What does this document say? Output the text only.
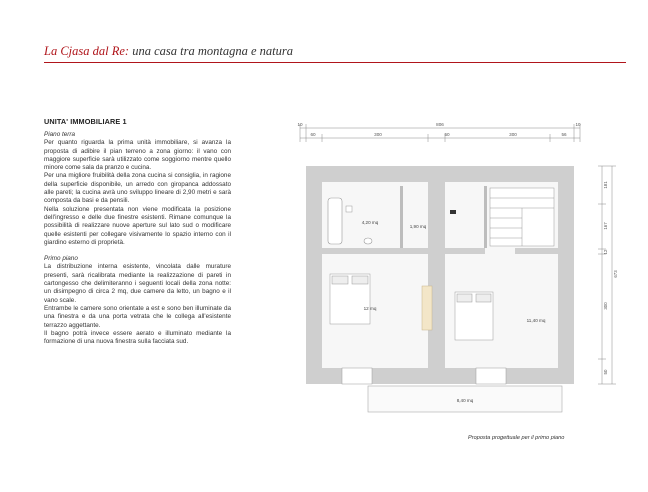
La Cjasa dal Re: una casa tra montagna e natura
UNITA' IMMOBILIARE 1
Piano terra

Per quanto riguarda la prima unità immobiliare, si avanza la proposta di adibire il pian terreno a zona giorno: il vano con maggiore superficie sarà utilizzato come soggiorno mentre quello minore come sala da pranzo e cucina.

Per una migliore fruibilità della zona cucina si consiglia, in ragione della superficie disponibile, un arredo con giropanca addossato alle pareti; la cucina avrà uno sviluppo lineare di 2,90 metri e sarà composta da basi e da pensili.

Nella soluzione presentata non viene modificata la posizione dell'ingresso e delle due finestre esistenti. Rimane comunque la possibilità di realizzare nuove aperture sul lato sud o modificare quelle esistenti per collegare visivamente lo spazio interno con il giardino esterno di proprietà.

Primo piano

La distribuzione interna esistente, vincolata dalle murature presenti, sarà ricalibrata mediante la realizzazione di pareti in cartongesso che delimiteranno i seguenti locali della zona notte: un disimpegno di circa 2 mq, due camere da letto, un bagno e il vano scale.

Entrambe le camere sono orientate a est e sono ben illuminate da una finestra e da una porta vetrata che le collega all'esistente terrazzo aggettante.

Il bagno potrà invece essere aerato e illuminato mediante la formazione di una nuova finestra sulla facciata sud.

10	806	10
60	300	50	300	56
181
167
12
300
50
673
4,20 mq
1,90 mq
12 mq
11,40 mq
8,40 mq
Proposta progettuale per il primo piano
